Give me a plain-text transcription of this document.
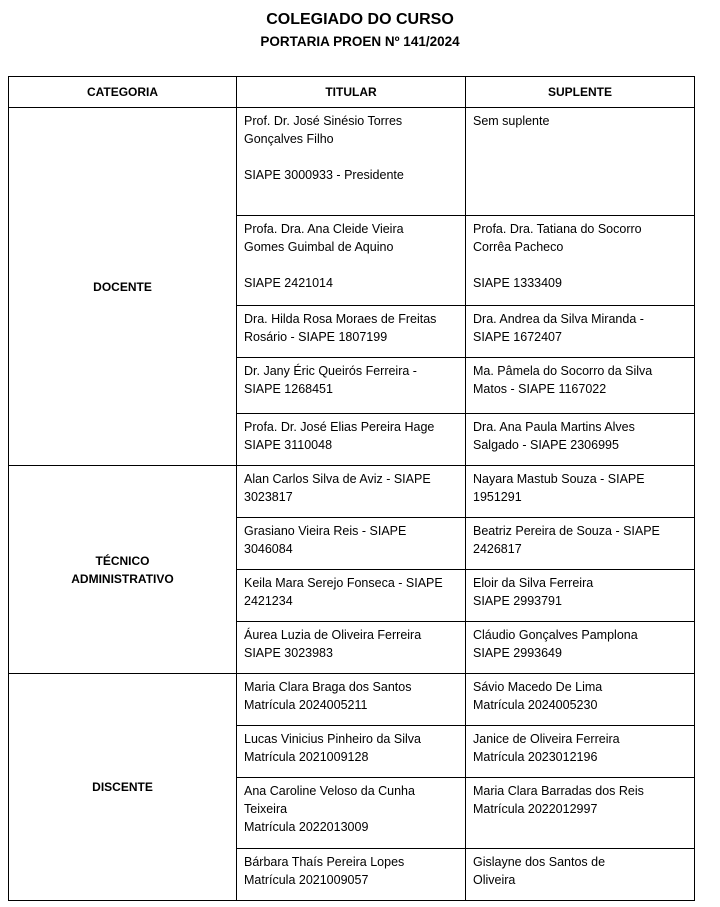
COLEGIADO DO CURSO
PORTARIA PROEN Nº 141/2024
CATEGORIA	TITULAR	SUPLENTE

DOCENTE	Prof. Dr. José Sinésio Torres
Gonçalves Filho
SIAPE 3000933 - Presidente	Sem suplente

	Profa. Dra. Ana Cleide Vieira
Gomes Guimbal de Aquino
SIAPE 2421014	Profa. Dra. Tatiana do Socorro
Corrêa Pacheco
SIAPE 1333409

	Dra. Hilda Rosa Moraes de Freitas
Rosário - SIAPE 1807199	Dra. Andrea da Silva Miranda -
SIAPE 1672407

	Dr. Jany Éric Queirós Ferreira -
SIAPE 1268451	Ma. Pâmela do Socorro da Silva
Matos - SIAPE 1167022

	Profa. Dr. José Elias Pereira Hage
SIAPE 3110048	Dra. Ana Paula Martins Alves
Salgado - SIAPE 2306995

TÉCNICO
ADMINISTRATIVO	Alan Carlos Silva de Aviz - SIAPE
3023817	Nayara Mastub Souza - SIAPE
1951291

	Grasiano Vieira Reis - SIAPE
3046084	Beatriz Pereira de Souza - SIAPE
2426817

	Keila Mara Serejo Fonseca - SIAPE
2421234	Eloir da Silva Ferreira
SIAPE 2993791

	Áurea Luzia de Oliveira Ferreira
SIAPE 3023983	Cláudio Gonçalves Pamplona
SIAPE 2993649

DISCENTE	Maria Clara Braga dos Santos
Matrícula 2024005211	Sávio Macedo De Lima
Matrícula 2024005230

	Lucas Vinicius Pinheiro da Silva
Matrícula 2021009128	Janice de Oliveira Ferreira
Matrícula 2023012196

	Ana Caroline Veloso da Cunha
Teixeira
Matrícula 2022013009	Maria Clara Barradas dos Reis
Matrícula 2022012997

	Bárbara Thaís Pereira Lopes
Matrícula 2021009057	Gislayne dos Santos de
Oliveira
